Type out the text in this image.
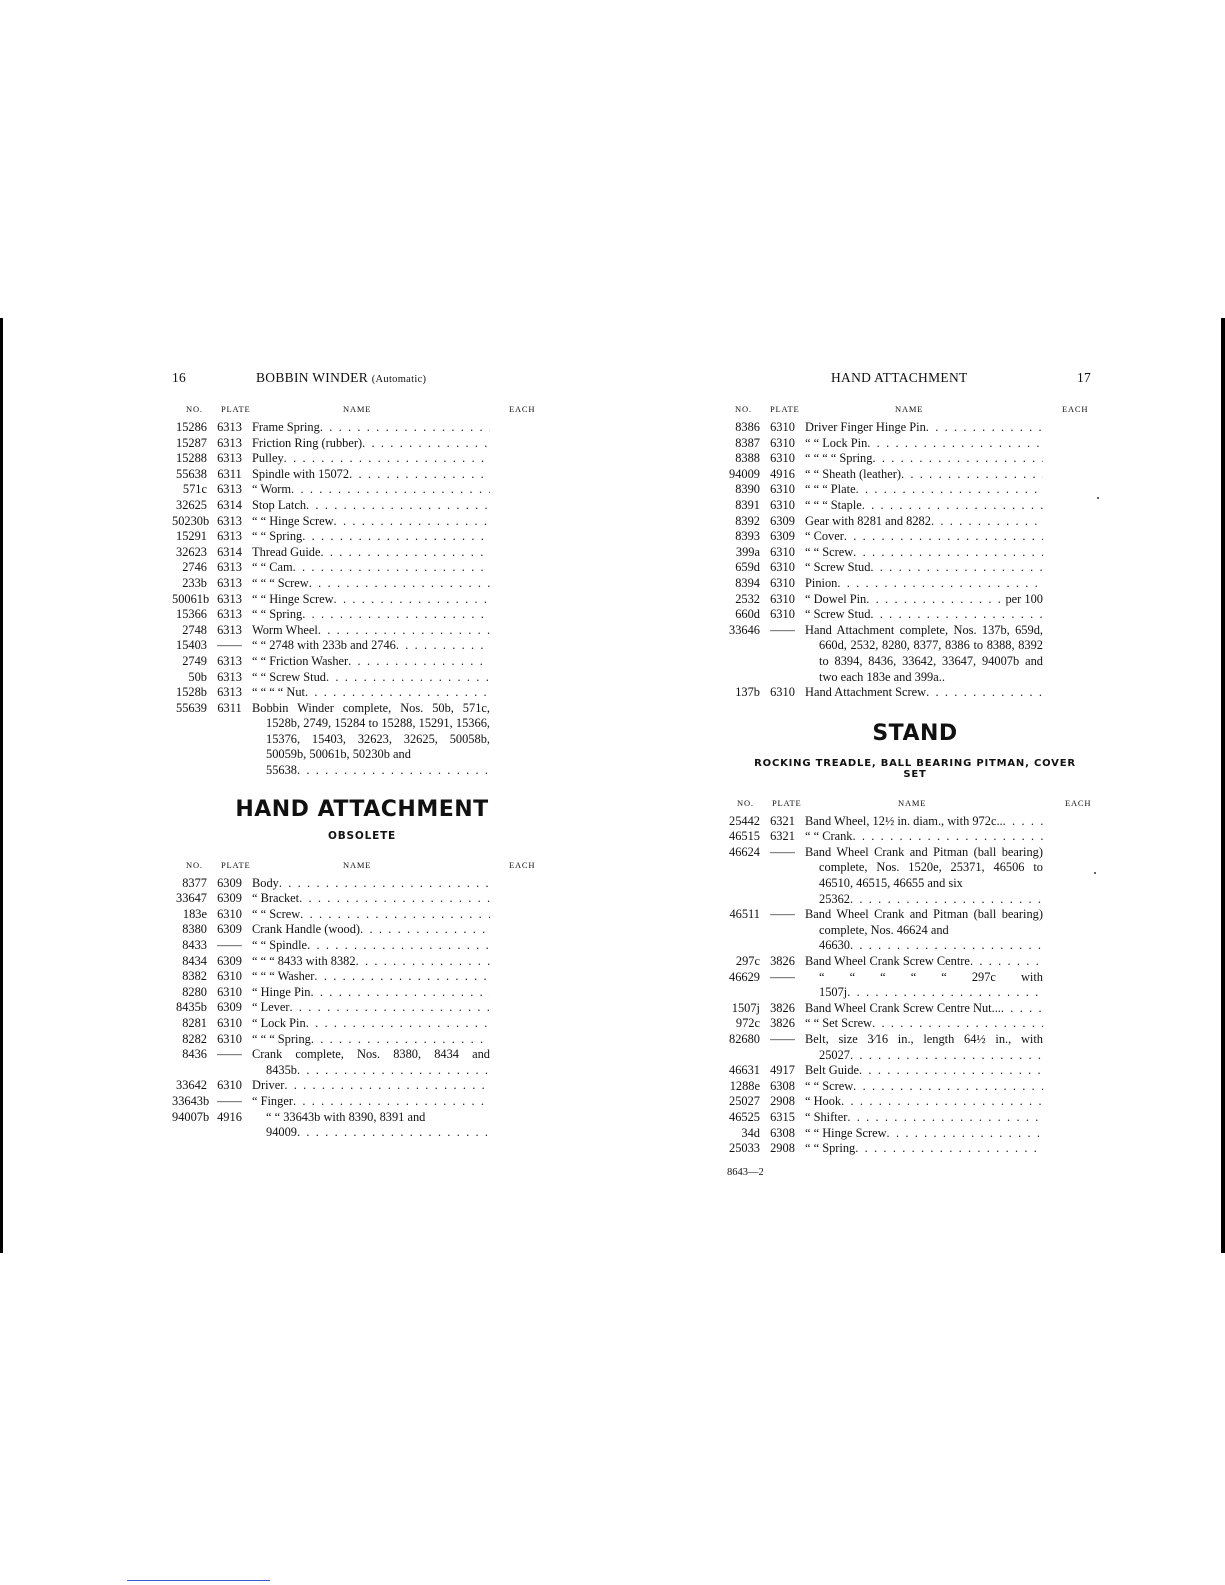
16	BOBBIN WINDER (Automatic)
NO. PLATE	NAME	EACH
15286 6313 Frame Spring
. . .
15287 6313 Friction Ring (rubber)
. . .
15288 6313 Pulley
. . .
55638 6311 Spindle with 15072
. . .
571c 6313 “ Worm
. . .
32625 6314 Stop Latch
. . .
50230b 6313 “ “ Hinge Screw
. . .
15291 6313 “ “ Spring
. . .
32623 6314 Thread Guide
. . .
2746 6313 “ “ Cam
. . .
233b 6313 “ “ “ Screw
. . .
50061b 6313 “ “ Hinge Screw
. . .
15366 6313 “ “ Spring
. . .
2748 6313 Worm Wheel
. . .
15403 —— “ “ 2748 with 233b and 2746
. . .
2749 6313 “ “ Friction Washer
. . .
50b 6313 “ “ Screw Stud
. . .
1528b 6313 “ “ “ “ Nut
. . .
55639 6311 Bobbin Winder complete, Nos. 50b, 571c, 1528b, 2749, 15284 to 15288, 15291, 15366, 15376, 15403, 32623, 32625, 50058b, 50059b, 50061b, 50230b and
55638
. . .
HAND ATTACHMENT
OBSOLETE
NO. PLATE	NAME	EACH
8377 6309 Body
. . .
33647 6309 “ Bracket
. . .
183e 6310 “ “ Screw
. . .
8380 6309 Crank Handle (wood)
. . .
8433 —— “ “ Spindle
. . .
8434 6309 “ “ “ 8433 with 8382
. . .
8382 6310 “ “ “ Washer
. . .
8280 6310 “ Hinge Pin
. . .
8435b 6309 “ Lever
. . .
8281 6310 “ Lock Pin
. . .
8282 6310 “ “ “ Spring
. . .
8436 —— Crank complete, Nos. 8380, 8434 and
8435b
. . .
33642 6310 Driver
. . .
33643b —— “ Finger
. . .
94007b 4916	“ “ 33643b with 8390, 8391 and
94009
. . .
HAND ATTACHMENT	17
NO. PLATE	NAME	EACH
8386 6310 Driver Finger Hinge Pin
. . .
8387 6310 “ “ Lock Pin
. . .
8388 6310 “ “ “ “ Spring
. . .
94009 4916 “ “ Sheath (leather)
. . .
8390 6310 “ “ “ Plate
. . .
8391 6310 “ “ “ Staple
. . .
8392 6309 Gear with 8281 and 8282
. . .
8393 6309 “ Cover
. . .
399a 6310 “ “ Screw
. . .
659d 6310 “ Screw Stud
. . .
8394 6310 Pinion
. . .
2532 6310 “ Dowel Pin
. . .	per 100
660d 6310 “ Screw Stud
. . .
33646 —— Hand Attachment complete, Nos. 137b, 659d, 660d, 2532, 8280, 8377, 8386 to 8388, 8392 to 8394, 8436, 33642, 33647, 94007b and two each 183e and 399a..
137b 6310 Hand Attachment Screw
. . .
STAND
ROCKING TREADLE, BALL BEARING PITMAN, COVER SET
NO. PLATE	NAME	EACH
25442 6321 Band Wheel, 12½ in. diam., with 972c..
. . .
46515 6321 “ “ Crank
. . .
46624 —— Band Wheel Crank and Pitman (ball bearing) complete, Nos. 1520e, 25371, 46506 to 46510, 46515, 46655 and six
25362
. . .
46511 —— Band Wheel Crank and Pitman (ball bearing) complete, Nos. 46624 and
46630
. . .
297c 3826 Band Wheel Crank Screw Centre
. . .
46629 ——	“ “ “ “ “ 297c with
1507j
. . .
1507j 3826 Band Wheel Crank Screw Centre Nut...
. . .
972c 3826 “ “ Set Screw
. . .
82680 —— Belt, size 3⁄16 in., length 64½ in., with
25027
. . .
46631 4917 Belt Guide
. . .
1288e 6308 “ “ Screw
. . .
25027 2908 “ Hook
. . .
46525 6315 “ Shifter
. . .
34d 6308 “ “ Hinge Screw
. . .
25033 2908 “ “ Spring
. . .
8643—2
